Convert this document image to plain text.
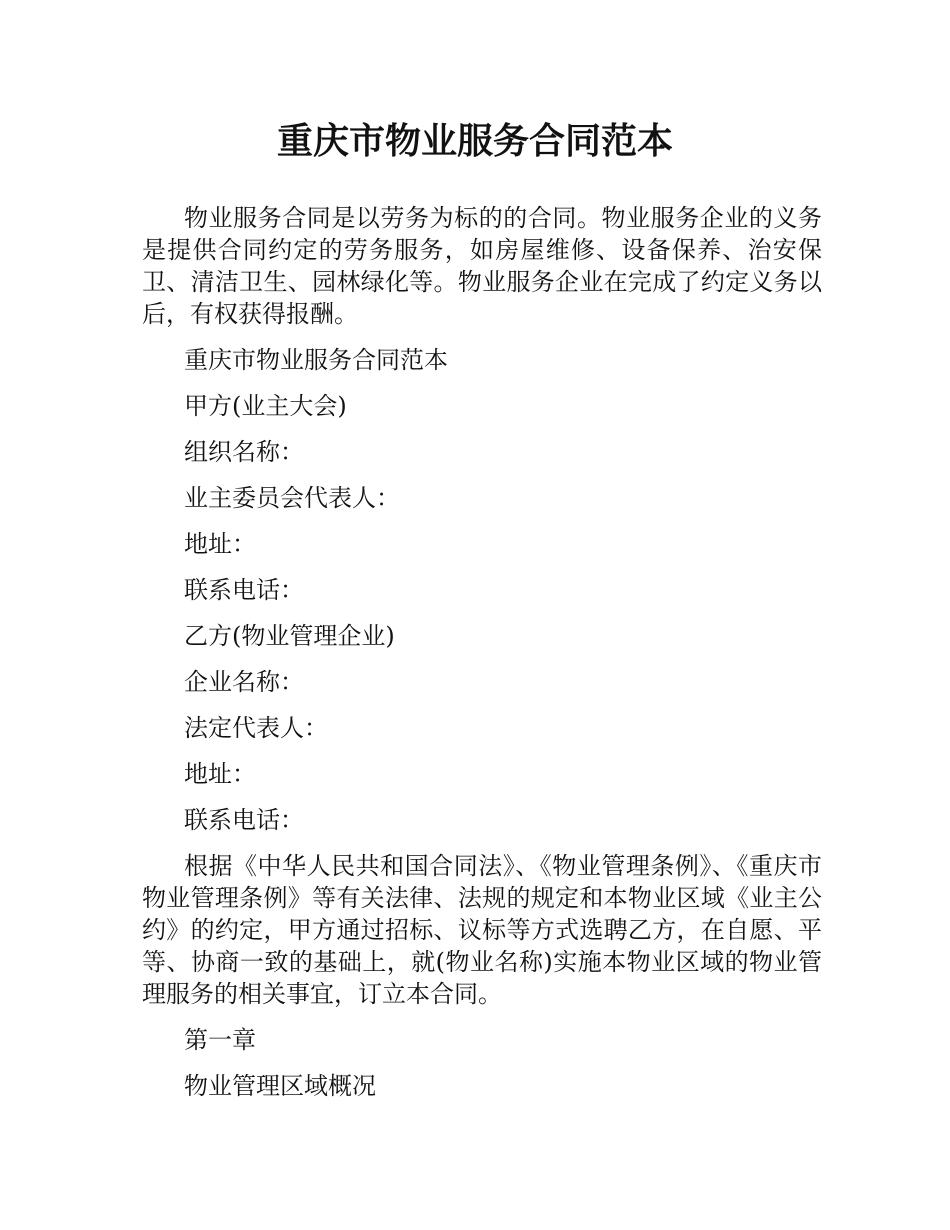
重庆市物业服务合同范本

物业服务合同是以劳务为标的的合同。物业服务企业的义务是提供合同约定的劳务服务，如房屋维修、设备保养、治安保卫、清洁卫生、园林绿化等。物业服务企业在完成了约定义务以后，有权获得报酬。

重庆市物业服务合同范本

甲方(业主大会)

组织名称：

业主委员会代表人：

地址：

联系电话：

乙方(物业管理企业)

企业名称：

法定代表人：

地址：

联系电话：

根据《中华人民共和国合同法》、《物业管理条例》、《重庆市物业管理条例》等有关法律、法规的规定和本物业区域《业主公约》的约定，甲方通过招标、议标等方式选聘乙方，在自愿、平等、协商一致的基础上，就(物业名称)实施本物业区域的物业管理服务的相关事宜，订立本合同。

第一章

物业管理区域概况
